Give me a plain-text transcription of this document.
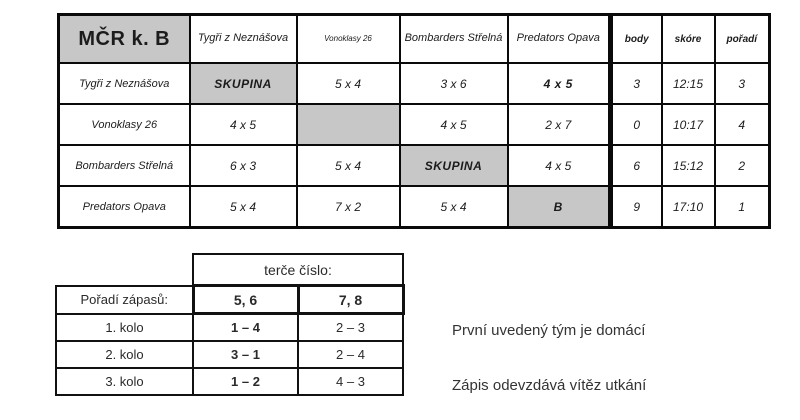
MČR k. B	Tygři z Neznášova	Vonoklasy 26	Bombarders Střelná	Predators Opava	body	skóre	pořadí
Tygři z Neznášova	SKUPINA	5 x 4	3 x 6	4 x 5	3	12:15	3
Vonoklasy 26	4 x 5		4 x 5	2 x 7	0	10:17	4
Bombarders Střelná	6 x 3	5 x 4	SKUPINA	4 x 5	6	15:12	2
Predators Opava	5 x 4	7 x 2	5 x 4	B	9	17:10	1
	terče číslo:	
Pořadí zápasů:	5, 6	7, 8
1. kolo	1 – 4	2 – 3
2. kolo	3 – 1	2 – 4
3. kolo	1 – 2	4 – 3
První uvedený tým je domácí
Zápis odevzdává vítěz utkání
